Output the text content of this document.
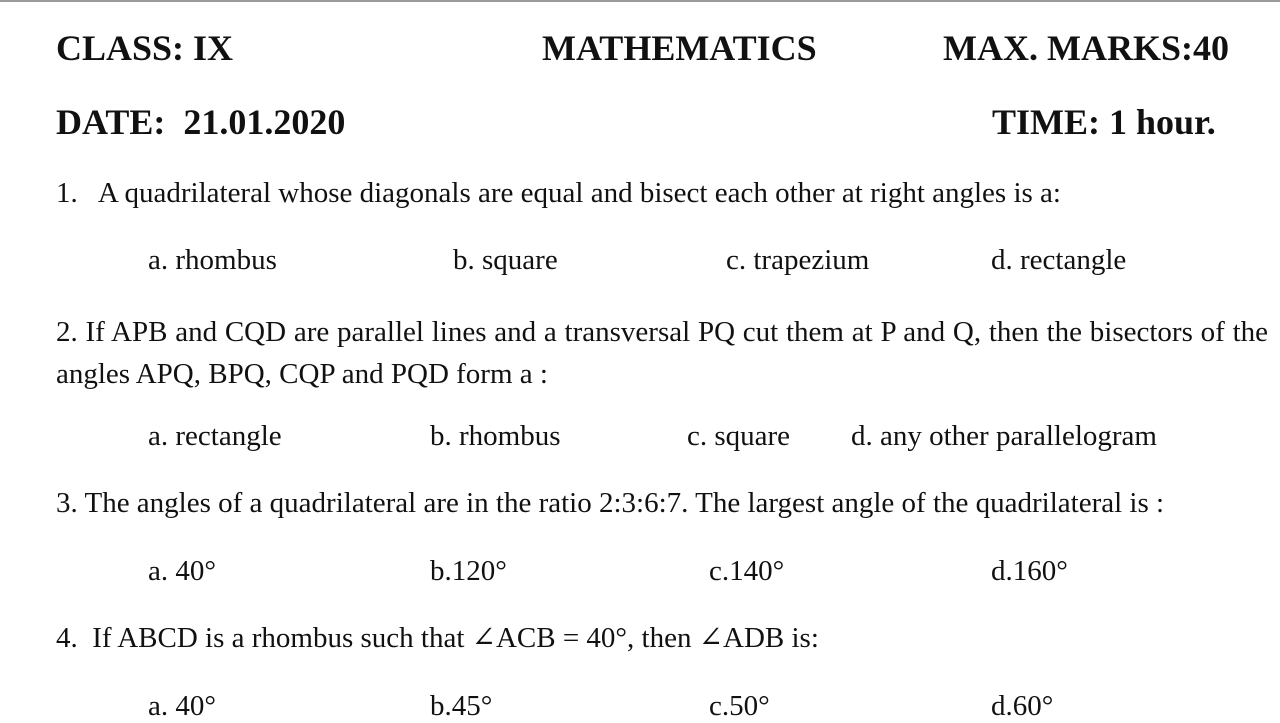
CLASS: IX	MATHEMATICS	MAX. MARKS:40
DATE:  21.01.2020	TIME: 1 hour.
1.   A quadrilateral whose diagonals are equal and bisect each other at right angles is a:
a. rhombus	b. square	c. trapezium	d. rectangle
2. If APB and CQD are parallel lines and a transversal PQ cut them at P and Q, then the bisectors of the angles APQ, BPQ, CQP and PQD form a :
a. rectangle	b. rhombus	c. square d. any other parallelogram
3. The angles of a quadrilateral are in the ratio 2:3:6:7. The largest angle of the quadrilateral is :
a. 40°	b.120°	c.140°	d.160°
4.  If ABCD is a rhombus such that ∠ACB = 40°, then ∠ADB is:
a. 40°	b.45°	c.50°	d.60°
